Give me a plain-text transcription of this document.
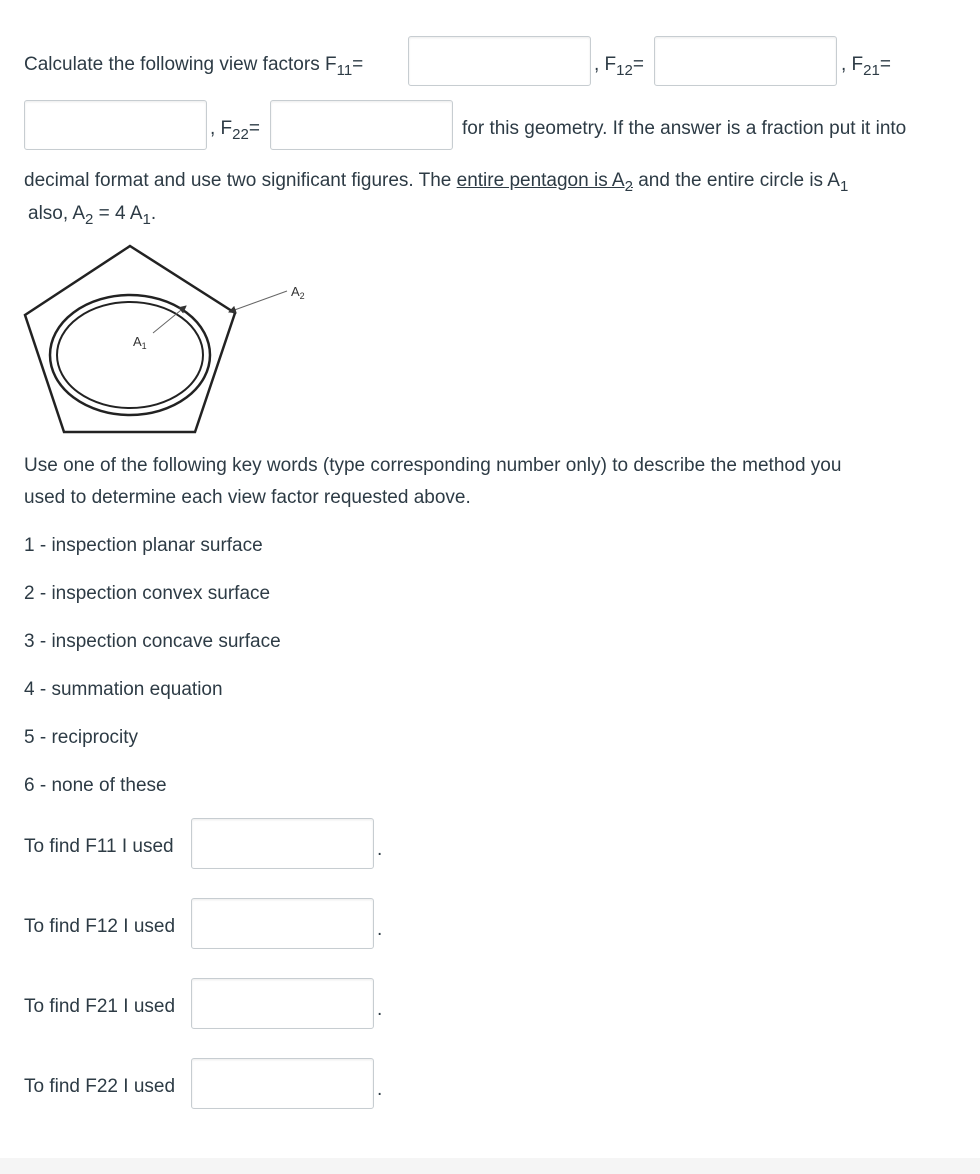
Calculate the following view factors $F_{11}=$	, $F_{12}=$	, $F_{21}=$
, $F_{22}=$	for this geometry. If the answer is a fraction put it into
decimal format and use two significant figures. The entire pentagon is $A_2$ and the entire circle is $A_1$
also, $A_2 = 4$ $A_1$.
$A_1$
$A_2$
Use one of the following key words (type corresponding number only) to describe the method you
used to determine each view factor requested above.
1 - inspection planar surface
2 - inspection convex surface
3 - inspection concave surface
4 - summation equation
5 - reciprocity
6 - none of these
To find F11 I used	.
To find F12 I used	.
To find F21 I used	.
To find F22 I used	.
